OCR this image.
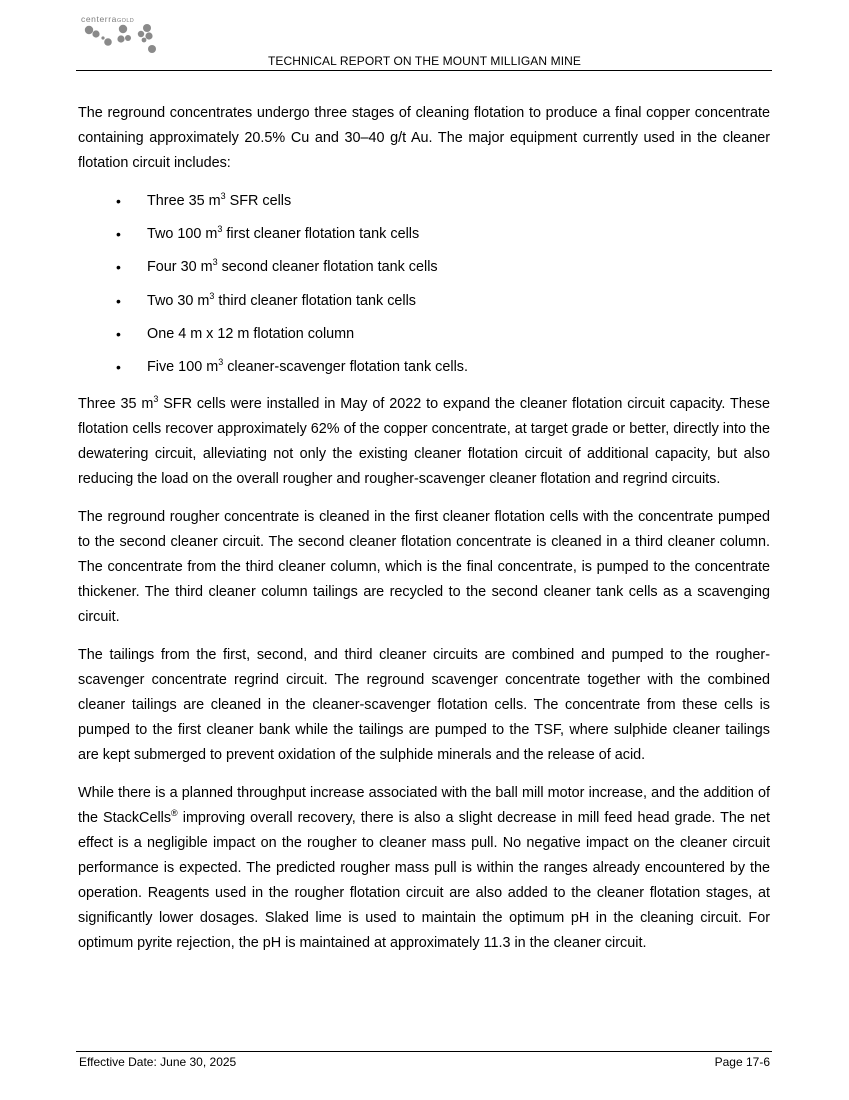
centerraGOLD
TECHNICAL REPORT ON THE MOUNT MILLIGAN MINE

The reground concentrates undergo three stages of cleaning flotation to produce a final copper concentrate containing approximately 20.5% Cu and 30–40 g/t Au. The major equipment currently used in the cleaner flotation circuit includes:

• Three 35 $m^3$ SFR cells
• Two 100 $m^3$ first cleaner flotation tank cells
• Four 30 $m^3$ second cleaner flotation tank cells
• Two 30 $m^3$ third cleaner flotation tank cells
• One 4 m x 12 m flotation column
• Five 100 $m^3$ cleaner-scavenger flotation tank cells.

Three 35 $m^3$ SFR cells were installed in May of 2022 to expand the cleaner flotation circuit capacity. These flotation cells recover approximately 62% of the copper concentrate, at target grade or better, directly into the dewatering circuit, alleviating not only the existing cleaner flotation circuit of additional capacity, but also reducing the load on the overall rougher and rougher-scavenger cleaner flotation and regrind circuits.

The reground rougher concentrate is cleaned in the first cleaner flotation cells with the concentrate pumped to the second cleaner circuit. The second cleaner flotation concentrate is cleaned in a third cleaner column. The concentrate from the third cleaner column, which is the final concentrate, is pumped to the concentrate thickener. The third cleaner column tailings are recycled to the second cleaner tank cells as a scavenging circuit.

The tailings from the first, second, and third cleaner circuits are combined and pumped to the rougher-scavenger concentrate regrind circuit. The reground scavenger concentrate together with the combined cleaner tailings are cleaned in the cleaner-scavenger flotation cells. The concentrate from these cells is pumped to the first cleaner bank while the tailings are pumped to the TSF, where sulphide cleaner tailings are kept submerged to prevent oxidation of the sulphide minerals and the release of acid.

While there is a planned throughput increase associated with the ball mill motor increase, and the addition of the StackCells® improving overall recovery, there is also a slight decrease in mill feed head grade. The net effect is a negligible impact on the rougher to cleaner mass pull. No negative impact on the cleaner circuit performance is expected. The predicted rougher mass pull is within the ranges already encountered by the operation. Reagents used in the rougher flotation circuit are also added to the cleaner flotation stages, at significantly lower dosages. Slaked lime is used to maintain the optimum pH in the cleaning circuit. For optimum pyrite rejection, the pH is maintained at approximately 11.3 in the cleaner circuit.

Effective Date: June 30, 2025	Page 17-6
